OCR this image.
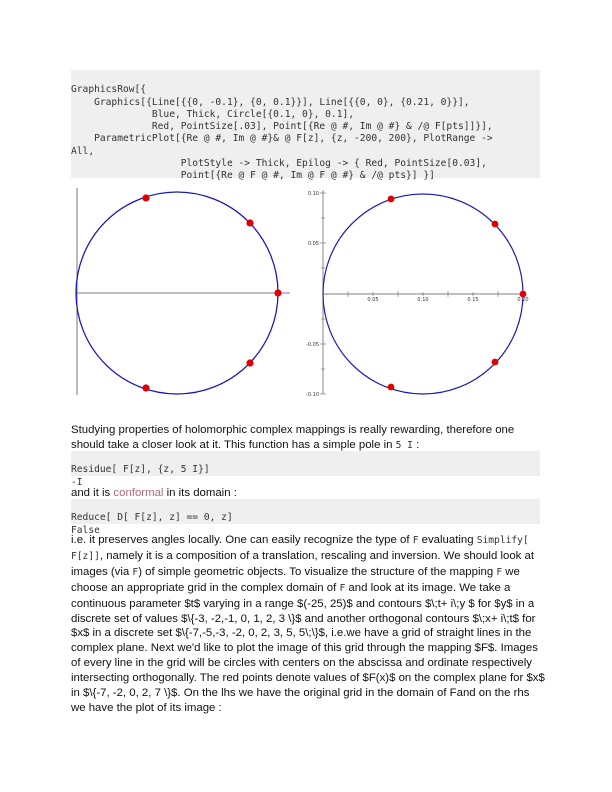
GraphicsRow[{
Graphics[{Line[{{0, -0.1}, {0, 0.1}}], Line[{{0, 0}, {0.21, 0}}],
Blue, Thick, Circle[{0.1, 0}, 0.1],
Red, PointSize[.03], Point[{Re @ #, Im @ #} & /@ F[pts]]}],
ParametricPlot[{Re @ #, Im @ #}& @ F[z], {z, -200, 200}, PlotRange ->
All,
PlotStyle -> Thick, Epilog -> { Red, PointSize[0.03],
Point[{Re @ F @ #, Im @ F @ #} & /@ pts}] }]

0.05	0.10	0.15	0.20
0.10
0.05
-0.05
-0.10

Studying properties of holomorphic complex mappings is really rewarding, therefore one should take a closer look at it. This function has a simple pole in 5 I :

Residue[ F[z], {z, 5 I}]
-I

and it is conformal in its domain :

Reduce[ D[ F[z], z] == 0, z]
False

i.e. it preserves angles locally. One can easily recognize the type of F evaluating Simplify[ F[z]], namely it is a composition of a translation, rescaling and inversion. We should look at images (via F) of simple geometric objects. To visualize the structure of the mapping F we choose an appropriate grid in the complex domain of F and look at its image. We take a continuous parameter $t$ varying in a range $(-25, 25)$ and contours $\;t+ i\;y $ for $y$ in a discrete set of values $\{-3, -2,-1, 0, 1, 2, 3 \}$ and another orthogonal contours $\;x+ i\;t$ for $x$ in a discrete set $\{-7,-5,-3, -2, 0, 2, 3, 5, 5\;\}$, i.e.we have a grid of straight lines in the complex plane. Next we'd like to plot the image of this grid through the mapping $F$. Images of every line in the grid will be circles with centers on the abscissa and ordinate respectively intersecting orthogonally. The red points denote values of $F(x)$ on the complex plane for $x$ in $\{-7, -2, 0, 2, 7 \}$. On the lhs we have the original grid in the domain of Fand on the rhs we have the plot of its image :
